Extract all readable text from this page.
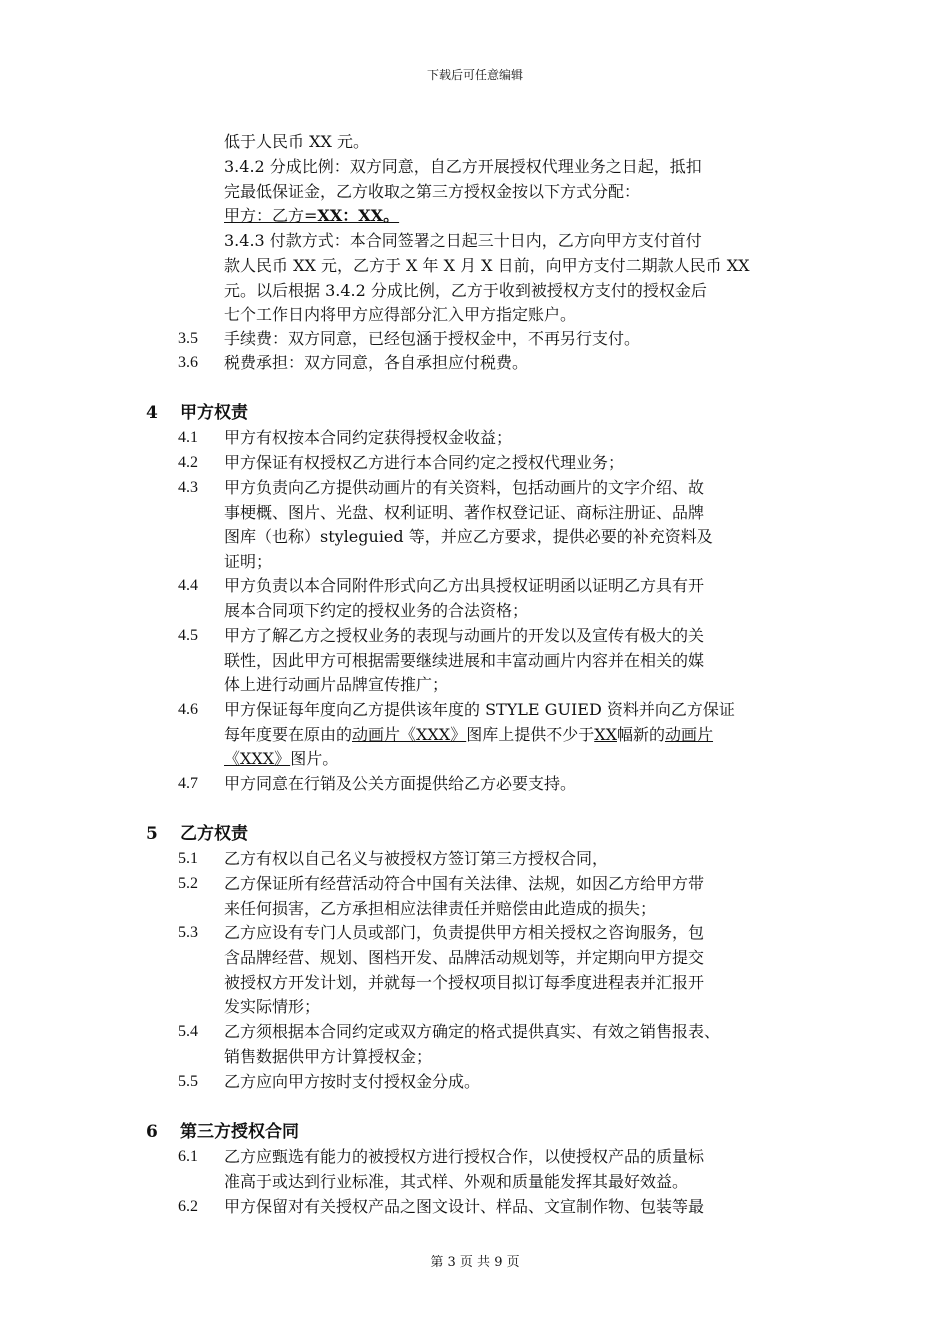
下载后可任意编辑
低于人民币 XX 元。
3.4.2 分成比例：双方同意，自乙方开展授权代理业务之日起，抵扣
完最低保证金，乙方收取之第三方授权金按以下方式分配：
甲方：乙方=XX：XX。
3.4.3 付款方式：本合同签署之日起三十日内，乙方向甲方支付首付
款人民币 XX 元，乙方于 X 年 X 月 X 日前，向甲方支付二期款人民币 XX
元。以后根据 3.4.2 分成比例，乙方于收到被授权方支付的授权金后
七个工作日内将甲方应得部分汇入甲方指定账户。
3.5 手续费：双方同意，已经包涵于授权金中，不再另行支付。
3.6 税费承担：双方同意，各自承担应付税费。
4 甲方权责
4.1 甲方有权按本合同约定获得授权金收益；
4.2 甲方保证有权授权乙方进行本合同约定之授权代理业务；
4.3 甲方负责向乙方提供动画片的有关资料，包括动画片的文字介绍、故
事梗概、图片、光盘、权利证明、著作权登记证、商标注册证、品牌
图库（也称）styleguied 等，并应乙方要求，提供必要的补充资料及
证明；
4.4 甲方负责以本合同附件形式向乙方出具授权证明函以证明乙方具有开
展本合同项下约定的授权业务的合法资格；
4.5 甲方了解乙方之授权业务的表现与动画片的开发以及宣传有极大的关
联性，因此甲方可根据需要继续进展和丰富动画片内容并在相关的媒
体上进行动画片品牌宣传推广；
4.6 甲方保证每年度向乙方提供该年度的 STYLE GUIED 资料并向乙方保证
每年度要在原由的动画片《XXX》图库上提供不少于XX幅新的动画片
《XXX》图片。
4.7 甲方同意在行销及公关方面提供给乙方必要支持。
5 乙方权责
5.1 乙方有权以自己名义与被授权方签订第三方授权合同，
5.2 乙方保证所有经营活动符合中国有关法律、法规，如因乙方给甲方带
来任何损害，乙方承担相应法律责任并赔偿由此造成的损失；
5.3 乙方应设有专门人员或部门，负责提供甲方相关授权之咨询服务，包
含品牌经营、规划、图档开发、品牌活动规划等，并定期向甲方提交
被授权方开发计划，并就每一个授权项目拟订每季度进程表并汇报开
发实际情形；
5.4 乙方须根据本合同约定或双方确定的格式提供真实、有效之销售报表、
销售数据供甲方计算授权金；
5.5 乙方应向甲方按时支付授权金分成。
6 第三方授权合同
6.1 乙方应甄选有能力的被授权方进行授权合作，以使授权产品的质量标
准高于或达到行业标准，其式样、外观和质量能发挥其最好效益。
6.2 甲方保留对有关授权产品之图文设计、样品、文宣制作物、包装等最
第 3 页 共 9 页
